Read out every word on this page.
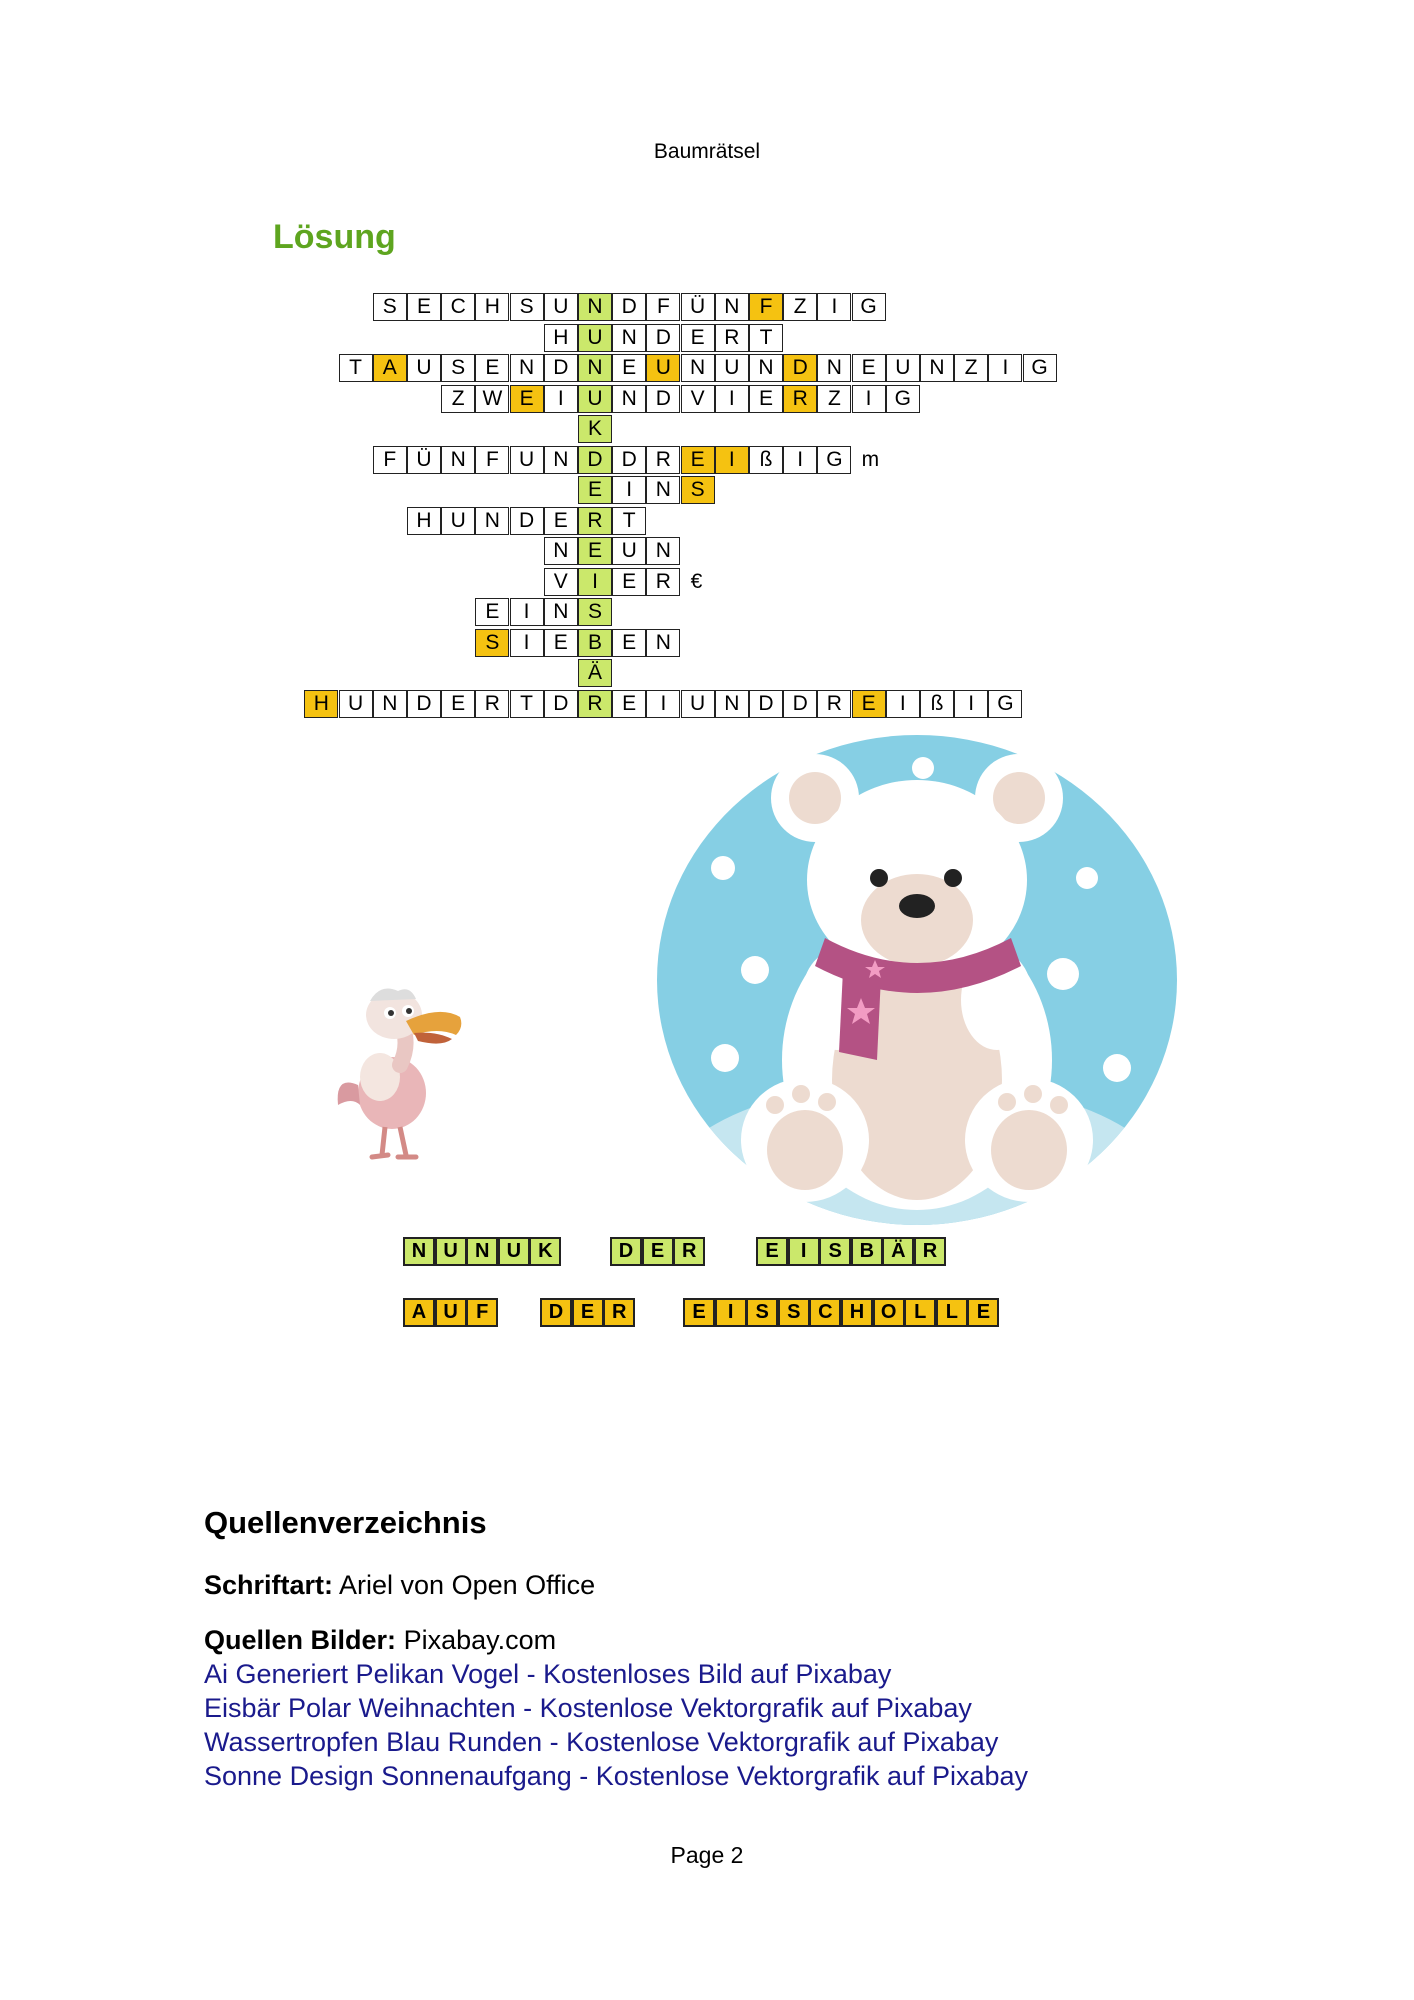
Baumrätsel
Lösung
S E C H S U N D F Ü N F	Z	I	G
H U N D E R T
T A U S E N D N E U N U N D N E U N Z	I	G
Z W E	I	U N D V	I	E R Z	I	G
K
F Ü N F U N D D R E	I	ß	I	G m
E	I	N S
H U N D E R T
N E U N
V	I	E R €
E	I	N S
S	I	E B E N
Ä
H U N D E R T D R E	I	U N D D R E	I	ß	I	G
N U N U K	D E R	E	I	S B Ä R
A U F	D E R	E	I	S S C H O L L E
Quellenverzeichnis
Schriftart: Ariel von Open Office
Quellen Bilder: Pixabay.com
Ai Generiert Pelikan Vogel - Kostenloses Bild auf Pixabay
Eisbär Polar Weihnachten - Kostenlose Vektorgrafik auf Pixabay
Wassertropfen Blau Runden - Kostenlose Vektorgrafik auf Pixabay
Sonne Design Sonnenaufgang - Kostenlose Vektorgrafik auf Pixabay
Page 2
